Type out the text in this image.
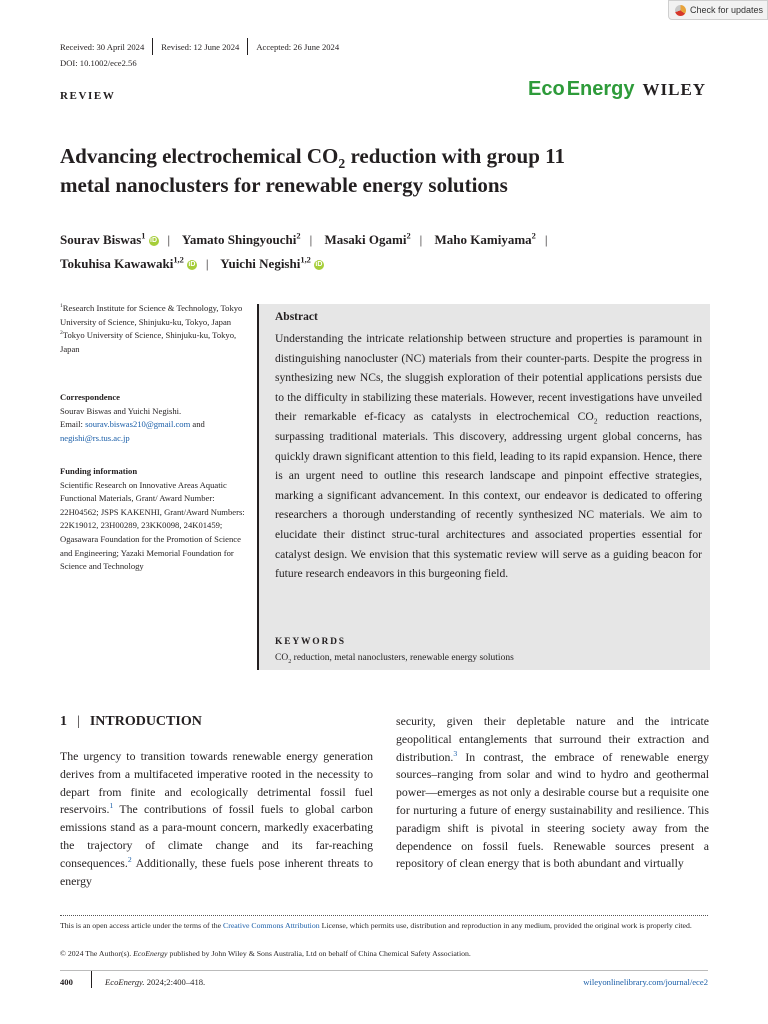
Check for updates
Received: 30 April 2024	Revised: 12 June 2024	Accepted: 26 June 2024
DOI: 10.1002/ece2.56
REVIEW	Eco Energy WILEY
Advancing electrochemical $CO_2$ reduction with group 11
metal nanoclusters for renewable energy solutions
Sourav Biswas$^1$ iD | Yamato Shingyouchi$^2$ | Masaki Ogami$^2$ | Maho Kamiyama$^2$ |
Tokuhisa Kawawaki$^{1,2}$ iD | Yuichi Negishi$^{1,2}$ iD
$^1$Research Institute for Science & Technology, Tokyo University of Science, Shinjuku-ku, Tokyo, Japan
$^2$Tokyo University of Science, Shinjuku-ku, Tokyo, Japan
Correspondence
Sourav Biswas and Yuichi Negishi.
Email: sourav.biswas210@gmail.com and
negishi@rs.tus.ac.jp
Funding information
Scientific Research on Innovative Areas Aquatic Functional Materials, Grant/ Award Number: 22H04562; JSPS KAKENHI, Grant/Award Numbers: 22K19012, 23H00289, 23KK0098, 24K01459; Ogasawara Foundation for the Promotion of Science and Engineering; Yazaki Memorial Foundation for Science and Technology
Abstract

Understanding the intricate relationship between structure and properties is paramount in distinguishing nanocluster (NC) materials from their counter-parts. Despite the progress in synthesizing new NCs, the sluggish exploration of their potential applications persists due to the difficulty in stabilizing these materials. However, recent investigations have unveiled their remarkable ef-ficacy as catalysts in electrochemical $CO_2$ reduction reactions, surpassing traditional materials. This discovery, addressing urgent global concerns, has quickly drawn significant attention to this field, leading to its rapid expansion. Hence, there is an urgent need to outline this research landscape and pinpoint effective strategies, marking a significant advancement. In this context, our endeavor is dedicated to offering researchers a thorough understanding of recently synthesized NC materials. We aim to elucidate their distinct struc-tural architectures and associated properties essential for catalyst design. We envision that this systematic review will serve as a guiding beacon for future research endeavors in this burgeoning field.

KEYWORDS
$CO_2$ reduction, metal nanoclusters, renewable energy solutions
1 | INTRODUCTION

The urgency to transition towards renewable energy generation derives from a multifaceted imperative rooted in the necessity to depart from finite and ecologically detrimental fossil fuel reservoirs.$^1$ The contributions of fossil fuels to global carbon emissions stand as a para-mount concern, markedly exacerbating the trajectory of climate change and its far-reaching consequences.$^2$ Additionally, these fuels pose inherent threats to energy

security, given their depletable nature and the intricate geopolitical entanglements that surround their extraction and distribution.$^3$ In contrast, the embrace of renewable energy sources–ranging from solar and wind to hydro and geothermal power—emerges as not only a desirable course but a requisite one for nurturing a future of energy sustainability and resilience. This paradigm shift is pivotal in steering society away from the dependence on fossil fuels. Renewable sources present a repository of clean energy that is both abundant and virtually

This is an open access article under the terms of the Creative Commons Attribution License, which permits use, distribution and reproduction in any medium, provided the original work is properly cited.
© 2024 The Author(s). EcoEnergy published by John Wiley & Sons Australia, Ltd on behalf of China Chemical Safety Association.
400	EcoEnergy. 2024;2:400–418.	wileyonlinelibrary.com/journal/ece2
